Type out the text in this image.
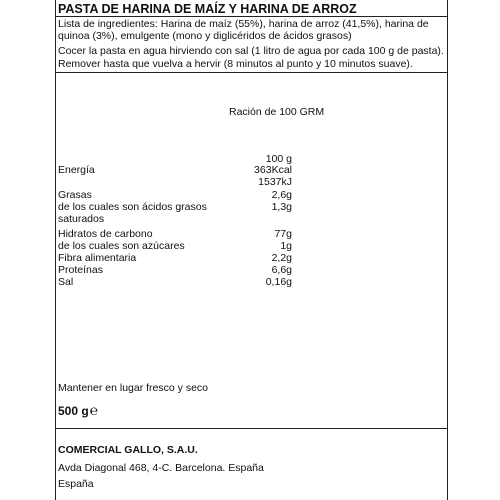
PASTA DE HARINA DE MAÍZ Y HARINA DE ARROZ
Lista de ingredientes: Harina de maíz (55%), harina de arroz (41,5%), harina de quinoa (3%), emulgente (mono y diglicéridos de ácidos grasos)
Cocer la pasta en agua hirviendo con sal (1 litro de agua por cada 100 g de pasta).
Remover hasta que vuelva a hervir (8 minutos al punto y 10 minutos suave).
Ración de 100 GRM
100 g
Energía	363Kcal
1537kJ
Grasas	2,6g
de los cuales son ácidos grasos	1,3g
saturados
Hidratos de carbono	77g
de los cuales son azúcares	1g
Fibra alimentaria	2,2g
Proteínas	6,6g
Sal	0,16g
Mantener en lugar fresco y seco
500 g℮
COMERCIAL GALLO, S.A.U.
Avda Diagonal 468, 4-C. Barcelona. España
España
